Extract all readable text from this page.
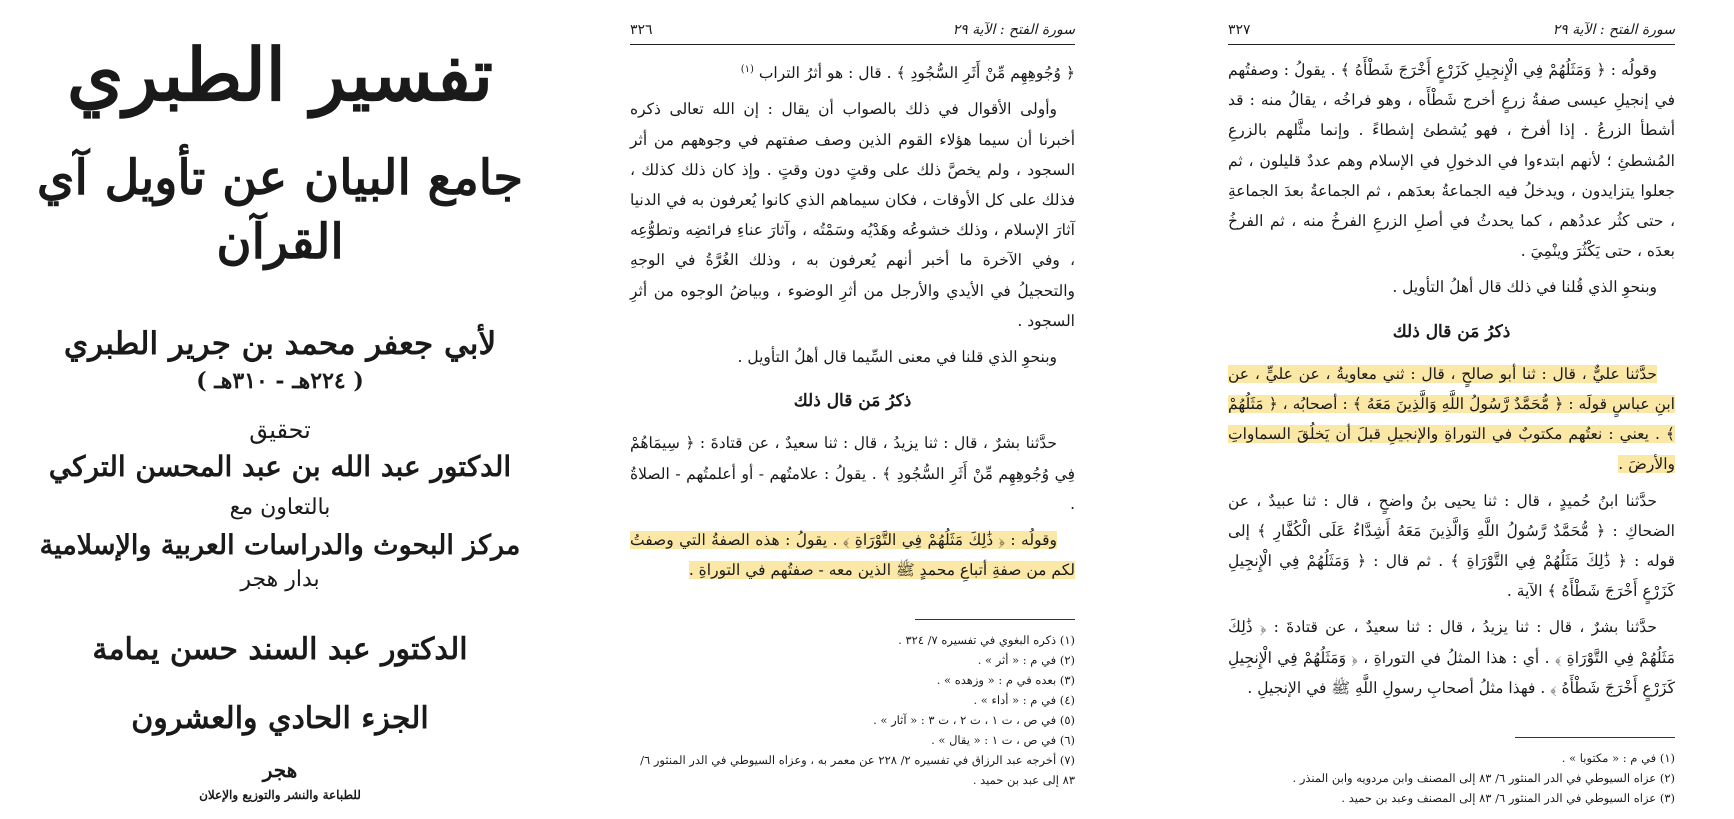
تفسير الطبري
جامع البيان عن تأويل آي القرآن
لأبي جعفر محمد بن جرير الطبري
( ٢٢٤هـ - ٣١٠هـ )
تحقيق
الدكتور عبد الله بن عبد المحسن التركي
بالتعاون مع
مركز البحوث والدراسات العربية والإسلامية
بدار هجر
الدكتور عبد السند حسن يمامة
الجزء الحادي والعشرون
هجر
للطباعة والنشر والتوزيع والإعلان
سورة الفتح : الآية ٢٩
٣٢٦

﴿ وُجُوهِهِم مِّنْ أَثَرِ السُّجُودِ ﴾ . قال : هو أثرُ التراب $^{(١)}$

وأولى الأقوال في ذلك بالصواب أن يقال : إن الله تعالى ذكره أخبرنا أن سيما هؤلاء القوم الذين وصف صفتهم في وجوههم من أثر السجود ، ولم يخصَّ ذلك على وقتٍ دون وقتٍ . وإذ كان ذلك كذلك ، فذلك على كل الأوقات ، فكان سيماهم الذي كانوا يُعرفون به في الدنيا آثارَ الإسلام ، وذلك خشوعُه وهَدْيُه وسَمْتُه ، وآثارَ عناءِ فرائضِه وتطوُّعِه ، وفي الآخرة ما أخبر أنهم يُعرفون به ، وذلك الغُرَّةُ في الوجهِ والتحجيلُ في الأيدي والأرجل من أثرِ الوضوء ، وبياضُ الوجوه من أثرِ السجود .

وبنحوِ الذي قلنا في معنى السِّيما قال أهلُ التأويل .

ذكرُ مَن قال ذلك

حدَّثنا بشرٌ ، قال : ثنا يزيدُ ، قال : ثنا سعيدٌ ، عن قتادةَ : ﴿ سِيمَاهُمْ فِي وُجُوهِهِم مِّنْ أَثَرِ السُّجُودِ ﴾ . يقولُ : علامتُهم - أو أعلمتُهم - الصلاةُ .

وقولُه : ﴿ ذَٰلِكَ مَثَلُهُمْ فِي التَّوْرَاةِ ﴾ . يقولُ : هذه الصفةُ التي وصفتُ لكم من صفةِ أتباعِ محمدٍ ﷺ الذين معه - صفتُهم في التوراةِ .

(١) ذكره البغوي في تفسيره ٧/ ٣٢٤ .
(٢) في م : « أثر » .
(٣) بعده في م : « وزهده » .
(٤) في م : « أداء » .
(٥) في ص ، ت ١ ، ت ٢ ، ت ٣ : « آثار » .
(٦) في ص ، ت ١ : « يقال » .
(٧) أخرجه عبد الرزاق في تفسيره ٢/ ٢٢٨ عن معمر به ، وعزاه السيوطي في الدر المنثور ٦/ ٨٣ إلى عبد بن حميد .
سورة الفتح : الآية ٢٩
٣٢٧

وقولُه : ﴿ وَمَثَلُهُمْ فِي الْإِنجِيلِ كَزَرْعٍ أَخْرَجَ شَطْأَهُ ﴾ . يقولُ : وصفتُهم في إنجيلِ عيسى صفةُ زرعٍ أخرج شَطْأَه ، وهو فراخُه ، يقالُ منه : قد أشطأ الزرعُ . إذا أفرخ ، فهو يُشطئ إشطاءً . وإنما مثَّلهم بالزرعِ المُشطئِ ؛ لأنهم ابتدءوا في الدخولِ في الإسلام وهم عددٌ قليلون ، ثم جعلوا يتزايدون ، ويدخلُ فيه الجماعةُ بعدَهم ، ثم الجماعةُ بعدَ الجماعةِ ، حتى كثُر عددُهم ، كما يحدثُ في أصلِ الزرعِ الفرخُ منه ، ثم الفرخُ بعدَه ، حتى يَكْثُرَ وينْمِيَ .

وبنحوِ الذي قُلنا في ذلك قال أهلُ التأويل .

ذكرُ مَن قال ذلك

حدَّثنا عليٌّ ، قال : ثنا أبو صالحٍ ، قال : ثني معاويةُ ، عن عليٍّ ، عن ابنِ عباسٍ قولَه : ﴿ مُّحَمَّدٌ رَّسُولُ اللَّهِ وَالَّذِينَ مَعَهُ ﴾ : أصحابُه ، ﴿ مَثَلُهُمْ ﴾ . يعني : نعتُهم مكتوبٌ في التوراةِ والإنجيلِ قبلَ أن يَخلُقَ السماواتِ والأرضَ .

حدَّثنا ابنُ حُميدٍ ، قال : ثنا يحيى بنُ واضحٍ ، قال : ثنا عبيدٌ ، عن الضحاكِ : ﴿ مُّحَمَّدٌ رَّسُولُ اللَّهِ وَالَّذِينَ مَعَهُ أَشِدَّاءُ عَلَى الْكُفَّارِ ﴾ إلى قوله : ﴿ ذَٰلِكَ مَثَلُهُمْ فِي التَّوْرَاةِ ﴾ . ثم قال : ﴿ وَمَثَلُهُمْ فِي الْإِنجِيلِ كَزَرْعٍ أَخْرَجَ شَطْأَهُ ﴾ الآية .

حدَّثنا بشرٌ ، قال : ثنا يزيدُ ، قال : ثنا سعيدٌ ، عن قتادةَ : ﴿ ذَٰلِكَ مَثَلُهُمْ فِي التَّوْرَاةِ ﴾ . أي : هذا المثلُ في التوراةِ ، ﴿ وَمَثَلُهُمْ فِي الْإِنجِيلِ كَزَرْعٍ أَخْرَجَ شَطْأَهُ ﴾ . فهذا مثلُ أصحابِ رسولِ اللَّهِ ﷺ في الإنجيلِ .

(١) في م : « مكتوبا » .
(٢) عزاه السيوطي في الدر المنثور ٦/ ٨٣ إلى المصنف وابن مردويه وابن المنذر .
(٣) عزاه السيوطي في الدر المنثور ٦/ ٨٣ إلى المصنف وعبد بن حميد .
